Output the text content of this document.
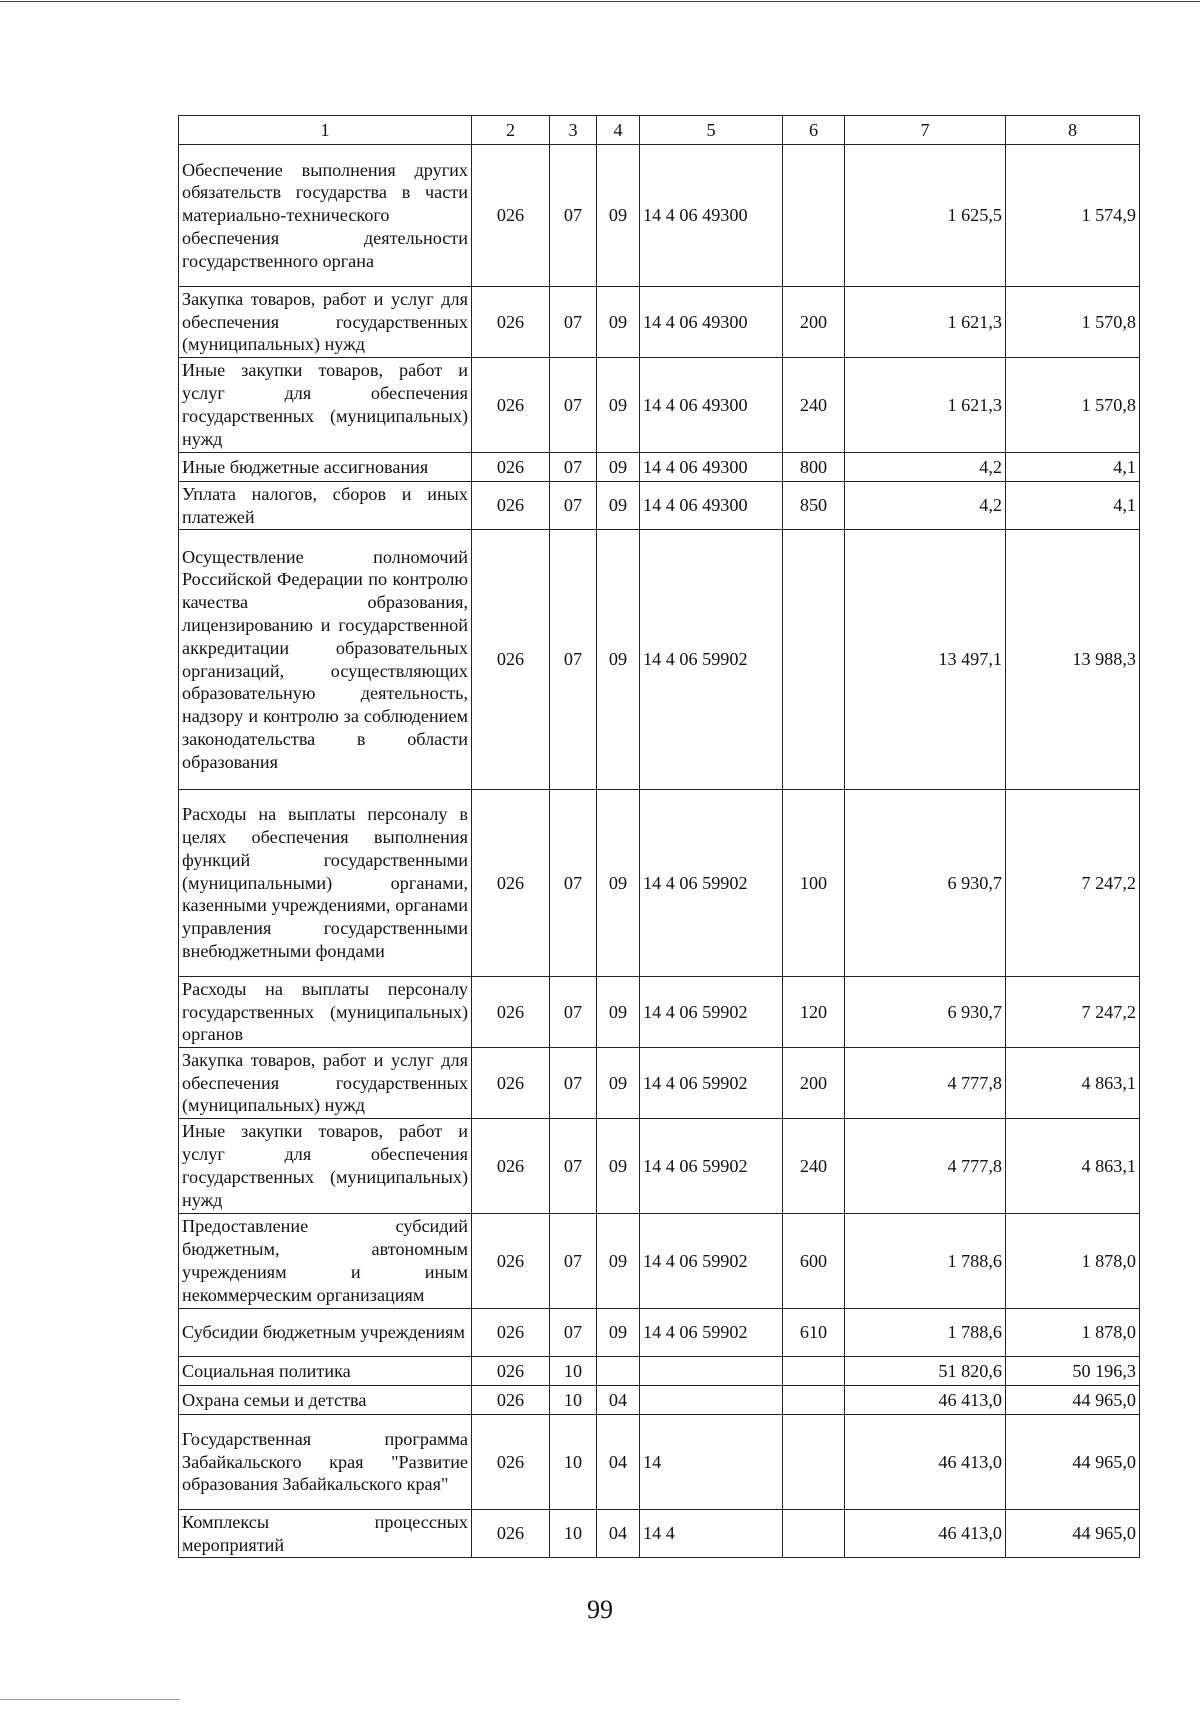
1	2	3	4	5	6	7	8
Обеспечение выполнения других обязательств государства в части материально-технического обеспечения деятельности государственного органа	026	07	09	14 4 06 49300		1 625,5	1 574,9
Закупка товаров, работ и услуг для обеспечения государственных (муниципальных) нужд	026	07	09	14 4 06 49300	200	1 621,3	1 570,8
Иные закупки товаров, работ и услуг для обеспечения государственных (муниципальных) нужд	026	07	09	14 4 06 49300	240	1 621,3	1 570,8
Иные бюджетные ассигнования	026	07	09	14 4 06 49300	800	4,2	4,1
Уплата налогов, сборов и иных платежей	026	07	09	14 4 06 49300	850	4,2	4,1
Осуществление полномочий Российской Федерации по контролю качества образования, лицензированию и государственной аккредитации образовательных организаций, осуществляющих образовательную деятельность, надзору и контролю за соблюдением законодательства в области образования	026	07	09	14 4 06 59902		13 497,1	13 988,3
Расходы на выплаты персоналу в целях обеспечения выполнения функций государственными (муниципальными) органами, казенными учреждениями, органами управления государственными внебюджетными фондами	026	07	09	14 4 06 59902	100	6 930,7	7 247,2
Расходы на выплаты персоналу государственных (муниципальных) органов	026	07	09	14 4 06 59902	120	6 930,7	7 247,2
Закупка товаров, работ и услуг для обеспечения государственных (муниципальных) нужд	026	07	09	14 4 06 59902	200	4 777,8	4 863,1
Иные закупки товаров, работ и услуг для обеспечения государственных (муниципальных) нужд	026	07	09	14 4 06 59902	240	4 777,8	4 863,1
Предоставление субсидий бюджетным, автономным учреждениям и иным некоммерческим организациям	026	07	09	14 4 06 59902	600	1 788,6	1 878,0
Субсидии бюджетным учреждениям	026	07	09	14 4 06 59902	610	1 788,6	1 878,0
Социальная политика	026	10				51 820,6	50 196,3
Охрана семьи и детства	026	10	04			46 413,0	44 965,0
Государственная программа Забайкальского края "Развитие образования Забайкальского края"	026	10	04	14		46 413,0	44 965,0
Комплексы процессных мероприятий	026	10	04	14 4		46 413,0	44 965,0
99
